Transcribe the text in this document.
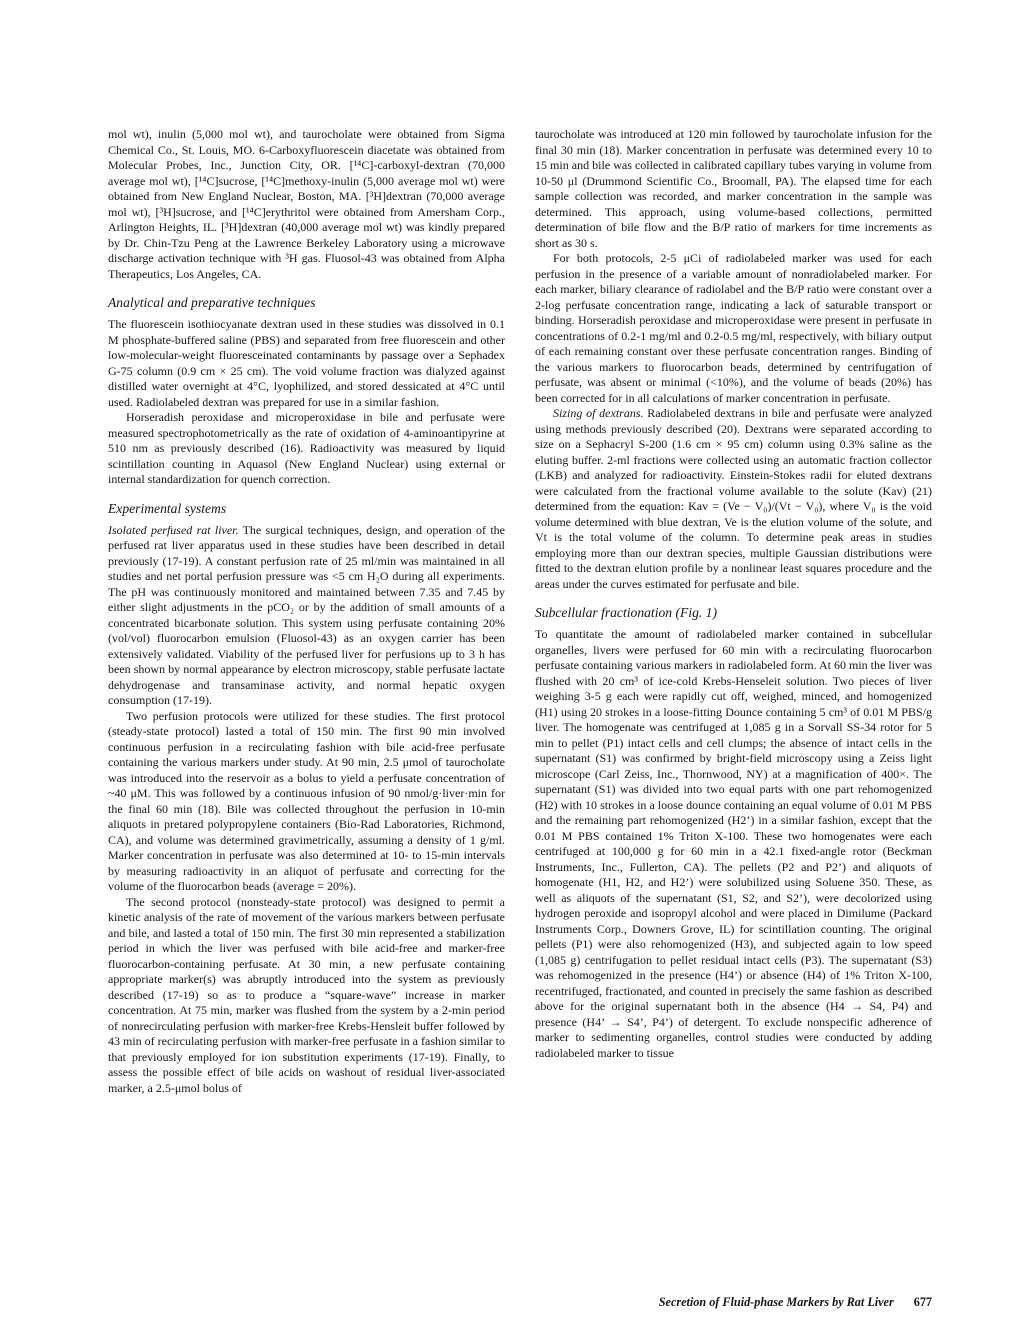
mol wt), inulin (5,000 mol wt), and taurocholate were obtained from Sigma Chemical Co., St. Louis, MO. 6-Carboxyfluorescein diacetate was obtained from Molecular Probes, Inc., Junction City, OR. [¹⁴C]-carboxyl-dextran (70,000 average mol wt), [¹⁴C]sucrose, [¹⁴C]methoxy-inulin (5,000 average mol wt) were obtained from New England Nuclear, Boston, MA. [³H]dextran (70,000 average mol wt), [³H]sucrose, and [¹⁴C]erythritol were obtained from Amersham Corp., Arlington Heights, IL. [³H]dextran (40,000 average mol wt) was kindly prepared by Dr. Chin-Tzu Peng at the Lawrence Berkeley Laboratory using a microwave discharge activation technique with ³H gas. Fluosol-43 was obtained from Alpha Therapeutics, Los Angeles, CA.

Analytical and preparative techniques

The fluorescein isothiocyanate dextran used in these studies was dissolved in 0.1 M phosphate-buffered saline (PBS) and separated from free fluorescein and other low-molecular-weight fluoresceinated contaminants by passage over a Sephadex G-75 column (0.9 cm × 25 cm). The void volume fraction was dialyzed against distilled water overnight at 4°C, lyophilized, and stored dessicated at 4°C until used. Radiolabeled dextran was prepared for use in a similar fashion.

Horseradish peroxidase and microperoxidase in bile and perfusate were measured spectrophotometrically as the rate of oxidation of 4-aminoantipyrine at 510 nm as previously described (16). Radioactivity was measured by liquid scintillation counting in Aquasol (New England Nuclear) using external or internal standardization for quench correction.

Experimental systems

Isolated perfused rat liver. The surgical techniques, design, and operation of the perfused rat liver apparatus used in these studies have been described in detail previously (17-19). A constant perfusion rate of 25 ml/min was maintained in all studies and net portal perfusion pressure was <5 cm H₂O during all experiments. The pH was continuously monitored and maintained between 7.35 and 7.45 by either slight adjustments in the pCO₂ or by the addition of small amounts of a concentrated bicarbonate solution. This system using perfusate containing 20% (vol/vol) fluorocarbon emulsion (Fluosol-43) as an oxygen carrier has been extensively validated. Viability of the perfused liver for perfusions up to 3 h has been shown by normal appearance by electron microscopy, stable perfusate lactate dehydrogenase and transaminase activity, and normal hepatic oxygen consumption (17-19).

Two perfusion protocols were utilized for these studies. The first protocol (steady-state protocol) lasted a total of 150 min. The first 90 min involved continuous perfusion in a recirculating fashion with bile acid-free perfusate containing the various markers under study. At 90 min, 2.5 μmol of taurocholate was introduced into the reservoir as a bolus to yield a perfusate concentration of ~40 μM. This was followed by a continuous infusion of 90 nmol/g·liver·min for the final 60 min (18). Bile was collected throughout the perfusion in 10-min aliquots in pretared polypropylene containers (Bio-Rad Laboratories, Richmond, CA), and volume was determined gravimetrically, assuming a density of 1 g/ml. Marker concentration in perfusate was also determined at 10- to 15-min intervals by measuring radioactivity in an aliquot of perfusate and correcting for the volume of the fluorocarbon beads (average = 20%).

The second protocol (nonsteady-state protocol) was designed to permit a kinetic analysis of the rate of movement of the various markers between perfusate and bile, and lasted a total of 150 min. The first 30 min represented a stabilization period in which the liver was perfused with bile acid-free and marker-free fluorocarbon-containing perfusate. At 30 min, a new perfusate containing appropriate marker(s) was abruptly introduced into the system as previously described (17-19) so as to produce a “square-wave” increase in marker concentration. At 75 min, marker was flushed from the system by a 2-min period of nonrecirculating perfusion with marker-free Krebs-Hensleit buffer followed by 43 min of recirculating perfusion with marker-free perfusate in a fashion similar to that previously employed for ion substitution experiments (17-19). Finally, to assess the possible effect of bile acids on washout of residual liver-associated marker, a 2.5-μmol bolus of

taurocholate was introduced at 120 min followed by taurocholate infusion for the final 30 min (18). Marker concentration in perfusate was determined every 10 to 15 min and bile was collected in calibrated capillary tubes varying in volume from 10-50 μl (Drummond Scientific Co., Broomall, PA). The elapsed time for each sample collection was recorded, and marker concentration in the sample was determined. This approach, using volume-based collections, permitted determination of bile flow and the B/P ratio of markers for time increments as short as 30 s.

For both protocols, 2-5 μCi of radiolabeled marker was used for each perfusion in the presence of a variable amount of nonradiolabeled marker. For each marker, biliary clearance of radiolabel and the B/P ratio were constant over a 2-log perfusate concentration range, indicating a lack of saturable transport or binding. Horseradish peroxidase and microperoxidase were present in perfusate in concentrations of 0.2-1 mg/ml and 0.2-0.5 mg/ml, respectively, with biliary output of each remaining constant over these perfusate concentration ranges. Binding of the various markers to fluorocarbon beads, determined by centrifugation of perfusate, was absent or minimal (<10%), and the volume of beads (20%) has been corrected for in all calculations of marker concentration in perfusate.

Sizing of dextrans. Radiolabeled dextrans in bile and perfusate were analyzed using methods previously described (20). Dextrans were separated according to size on a Sephacryl S-200 (1.6 cm × 95 cm) column using 0.3% saline as the eluting buffer. 2-ml fractions were collected using an automatic fraction collector (LKB) and analyzed for radioactivity. Einstein-Stokes radii for eluted dextrans were calculated from the fractional volume available to the solute (Kav) (21) determined from the equation: Kav = (Ve − V₀)/(Vt − V₀), where V₀ is the void volume determined with blue dextran, Ve is the elution volume of the solute, and Vt is the total volume of the column. To determine peak areas in studies employing more than our dextran species, multiple Gaussian distributions were fitted to the dextran elution profile by a nonlinear least squares procedure and the areas under the curves estimated for perfusate and bile.

Subcellular fractionation (Fig. 1)

To quantitate the amount of radiolabeled marker contained in subcellular organelles, livers were perfused for 60 min with a recirculating fluorocarbon perfusate containing various markers in radiolabeled form. At 60 min the liver was flushed with 20 cm³ of ice-cold Krebs-Henseleit solution. Two pieces of liver weighing 3-5 g each were rapidly cut off, weighed, minced, and homogenized (H1) using 20 strokes in a loose-fitting Dounce containing 5 cm³ of 0.01 M PBS/g liver. The homogenate was centrifuged at 1,085 g in a Sorvall SS-34 rotor for 5 min to pellet (P1) intact cells and cell clumps; the absence of intact cells in the supernatant (S1) was confirmed by bright-field microscopy using a Zeiss light microscope (Carl Zeiss, Inc., Thornwood, NY) at a magnification of 400×. The supernatant (S1) was divided into two equal parts with one part rehomogenized (H2) with 10 strokes in a loose dounce containing an equal volume of 0.01 M PBS and the remaining part rehomogenized (H2’) in a similar fashion, except that the 0.01 M PBS contained 1% Triton X-100. These two homogenates were each centrifuged at 100,000 g for 60 min in a 42.1 fixed-angle rotor (Beckman Instruments, Inc., Fullerton, CA). The pellets (P2 and P2’) and aliquots of homogenate (H1, H2, and H2’) were solubilized using Soluene 350. These, as well as aliquots of the supernatant (S1, S2, and S2’), were decolorized using hydrogen peroxide and isopropyl alcohol and were placed in Dimilume (Packard Instruments Corp., Downers Grove, IL) for scintillation counting. The original pellets (P1) were also rehomogenized (H3), and subjected again to low speed (1,085 g) centrifugation to pellet residual intact cells (P3). The supernatant (S3) was rehomogenized in the presence (H4’) or absence (H4) of 1% Triton X-100, recentrifuged, fractionated, and counted in precisely the same fashion as described above for the original supernatant both in the absence (H4 → S4, P4) and presence (H4’ → S4’, P4’) of detergent. To exclude nonspecific adherence of marker to sedimenting organelles, control studies were conducted by adding radiolabeled marker to tissue

Secretion of Fluid-phase Markers by Rat Liver 677
